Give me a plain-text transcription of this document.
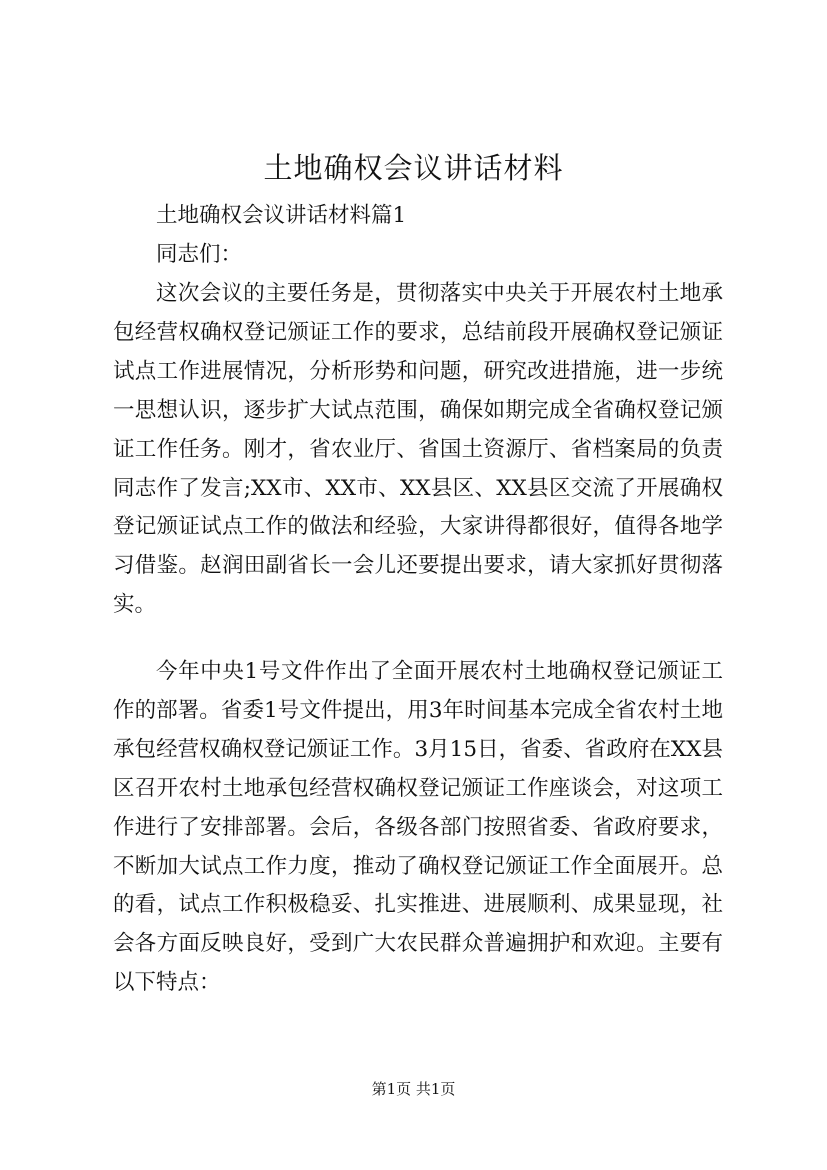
土地确权会议讲话材料

土地确权会议讲话材料篇1

同志们：

这次会议的主要任务是，贯彻落实中央关于开展农村土地承包经营权确权登记颁证工作的要求，总结前段开展确权登记颁证试点工作进展情况，分析形势和问题，研究改进措施，进一步统一思想认识，逐步扩大试点范围，确保如期完成全省确权登记颁证工作任务。刚才，省农业厅、省国土资源厅、省档案局的负责同志作了发言;XX市、XX市、XX县区、XX县区交流了开展确权登记颁证试点工作的做法和经验，大家讲得都很好，值得各地学习借鉴。赵润田副省长一会儿还要提出要求，请大家抓好贯彻落实。

今年中央1号文件作出了全面开展农村土地确权登记颁证工作的部署。省委1号文件提出，用3年时间基本完成全省农村土地承包经营权确权登记颁证工作。3月15日，省委、省政府在XX县区召开农村土地承包经营权确权登记颁证工作座谈会，对这项工作进行了安排部署。会后，各级各部门按照省委、省政府要求，不断加大试点工作力度，推动了确权登记颁证工作全面展开。总的看，试点工作积极稳妥、扎实推进、进展顺利、成果显现，社会各方面反映良好，受到广大农民群众普遍拥护和欢迎。主要有以下特点：

第1页 共1页
